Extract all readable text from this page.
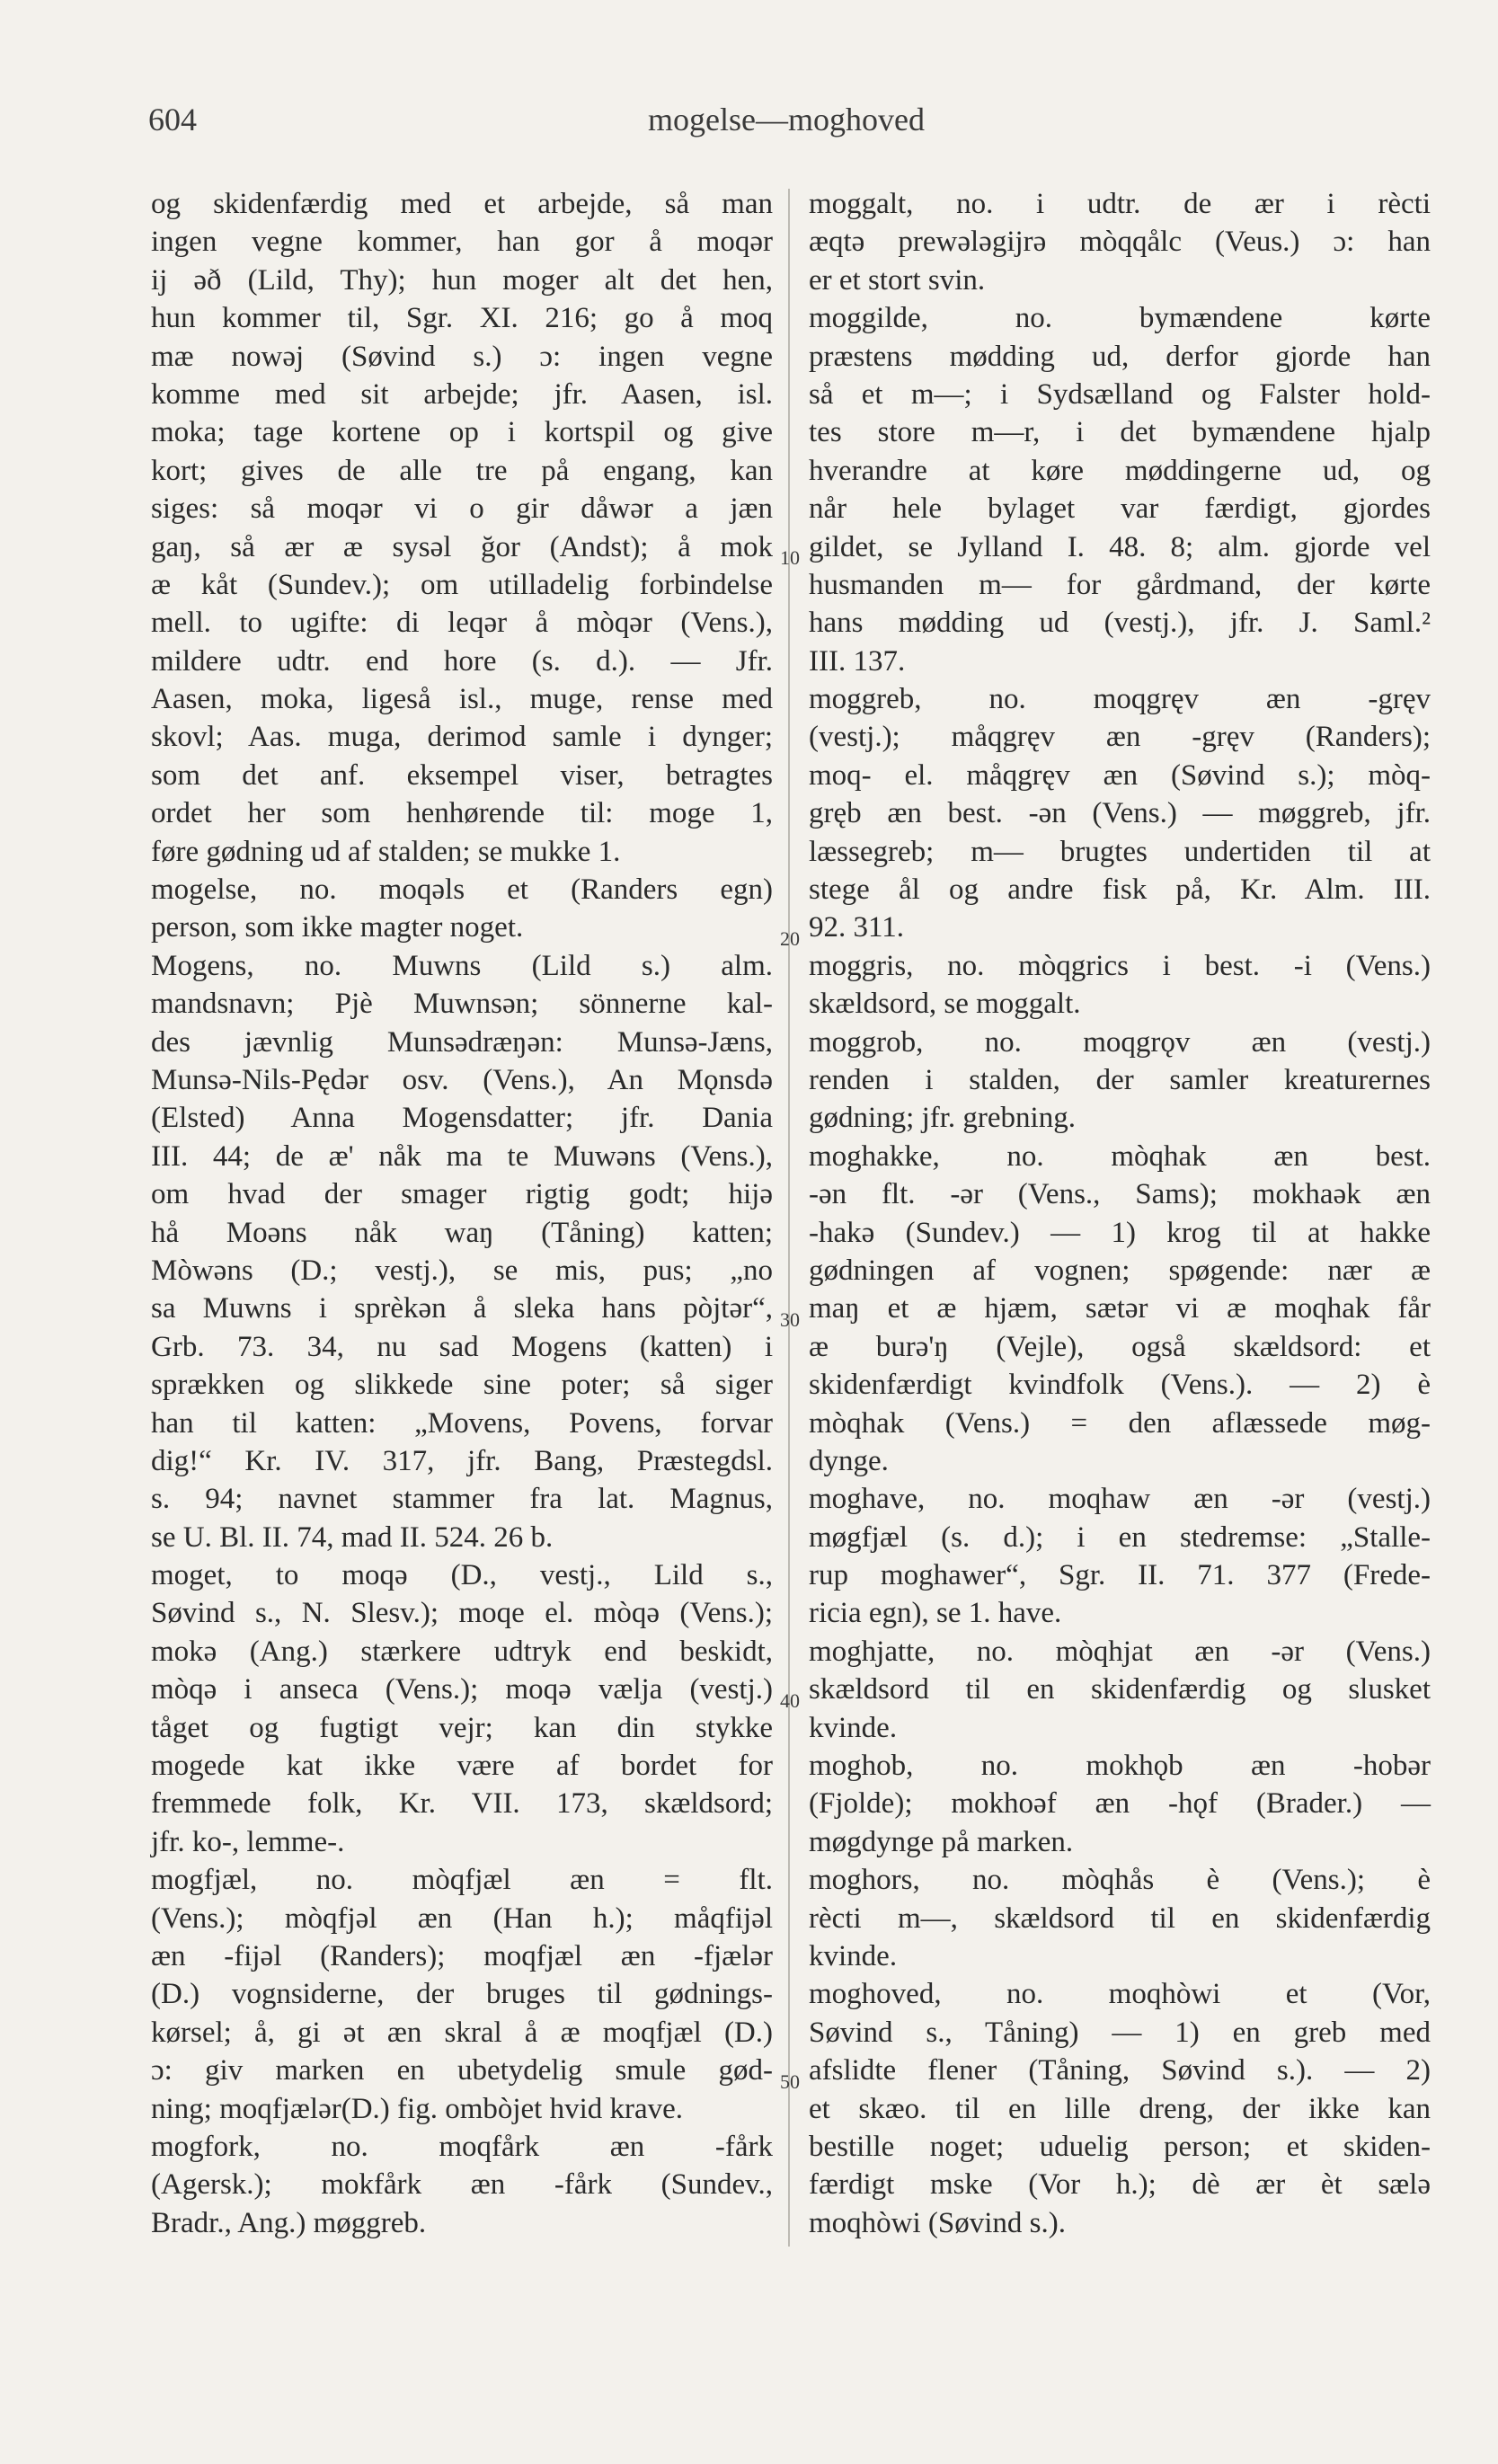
604	mogelse—moghoved
10
20
30
40
50
og skidenfærdig med et arbejde, så man
ingen vegne kommer, han gor å moqər
ij əð (Lild, Thy); hun moger alt det hen,
hun kommer til, Sgr. XI. 216; go å moq
mæ nowəj (Søvind s.) ɔ: ingen vegne
komme med sit arbejde; jfr. Aasen, isl.
moka; tage kortene op i kortspil og give
kort; gives de alle tre på engang, kan
siges: så moqər vi o gir dåwər a jæn
gaŋ, så ær æ sysəl ğor (Andst); å mok
æ kåt (Sundev.); om utilladelig forbindelse
mell. to ugifte: di leqər å mòqər (Vens.),
mildere udtr. end hore (s. d.). — Jfr.
Aasen, moka, ligeså isl., muge, rense med
skovl; Aas. muga, derimod samle i dynger;
som det anf. eksempel viser, betragtes
ordet her som henhørende til: moge 1,
føre gødning ud af stalden; se mukke 1.
mogelse, no. moqəls et (Randers egn)
person, som ikke magter noget.
Mogens, no. Muwns (Lild s.) alm.
mandsnavn; Pjè Muwnsən; sönnerne kal-
des jævnlig Munsədræŋən: Munsə-Jæns,
Munsə-Nils-Pędər osv. (Vens.), An Mǫnsdə
(Elsted) Anna Mogensdatter; jfr. Dania
III. 44; de æ' nåk ma te Muwəns (Vens.),
om hvad der smager rigtig godt; hijə
hå Moəns nåk waŋ (Tåning) katten;
Mòwəns (D.; vestj.), se mis, pus; „no
sa Muwns i sprèkən å sleka hans pòjtər“,
Grb. 73. 34, nu sad Mogens (katten) i
sprækken og slikkede sine poter; så siger
han til katten: „Movens, Povens, forvar
dig!“ Kr. IV. 317, jfr. Bang, Præstegdsl.
s. 94; navnet stammer fra lat. Magnus,
se U. Bl. II. 74, mad II. 524. 26 b.
moget, to moqə (D., vestj., Lild s.,
Søvind s., N. Slesv.); moqe el. mòqə (Vens.);
mokə (Ang.) stærkere udtryk end beskidt,
mòqə i anseca (Vens.); moqə vælja (vestj.)
tåget og fugtigt vejr; kan din stykke
mogede kat ikke være af bordet for
fremmede folk, Kr. VII. 173, skældsord;
jfr. ko-, lemme-.
mogfjæl, no. mòqfjæl æn = flt.
(Vens.); mòqfjəl æn (Han h.); måqfijəl
æn -fijəl (Randers); moqfjæl æn -fjælər
(D.) vognsiderne, der bruges til gødnings-
kørsel; å, gi ət æn skral å æ moqfjæl (D.)
ɔ: giv marken en ubetydelig smule gød-
ning; moqfjælər(D.) fig. ombòjet hvid krave.
mogfork, no. moqfårk æn -fårk
(Agersk.); mokfårk æn -fårk (Sundev.,
Bradr., Ang.) møggreb.
moggalt, no. i udtr. de ær i rècti
æqtə prewələgijrə mòqqålc (Veus.) ɔ: han
er et stort svin.
moggilde, no. bymændene kørte
præstens mødding ud, derfor gjorde han
så et m—; i Sydsælland og Falster hold-
tes store m—r, i det bymændene hjalp
hverandre at køre møddingerne ud, og
når hele bylaget var færdigt, gjordes
gildet, se Jylland I. 48. 8; alm. gjorde vel
husmanden m— for gårdmand, der kørte
hans mødding ud (vestj.), jfr. J. Saml.²
III. 137.
moggreb, no. moqgręv æn -gręv
(vestj.); måqgręv æn -gręv (Randers);
moq- el. måqgręv æn (Søvind s.); mòq-
gręb æn best. -ən (Vens.) — møggreb, jfr.
læssegreb; m— brugtes undertiden til at
stege ål og andre fisk på, Kr. Alm. III.
92. 311.
moggris, no. mòqgrics i best. -i (Vens.)
skældsord, se moggalt.
moggrob, no. moqgrǫv æn (vestj.)
renden i stalden, der samler kreaturernes
gødning; jfr. grebning.
moghakke, no. mòqhak æn best.
-ən flt. -ər (Vens., Sams); mokhaək æn
-hakə (Sundev.) — 1) krog til at hakke
gødningen af vognen; spøgende: nær æ
maŋ et æ hjæm, sætər vi æ moqhak får
æ burə'ŋ (Vejle), også skældsord: et
skidenfærdigt kvindfolk (Vens.). — 2) è
mòqhak (Vens.) = den aflæssede møg-
dynge.
moghave, no. moqhaw æn -ər (vestj.)
møgfjæl (s. d.); i en stedremse: „Stalle-
rup moghawer“, Sgr. II. 71. 377 (Frede-
ricia egn), se 1. have.
moghjatte, no. mòqhjat æn -ər (Vens.)
skældsord til en skidenfærdig og slusket
kvinde.
moghob, no. mokhǫb æn -hobər
(Fjolde); mokhoəf æn -hǫf (Brader.) —
møgdynge på marken.
moghors, no. mòqhås è (Vens.); è
rècti m—, skældsord til en skidenfærdig
kvinde.
moghoved, no. moqhòwi et (Vor,
Søvind s., Tåning) — 1) en greb med
afslidte flener (Tåning, Søvind s.). — 2)
et skæo. til en lille dreng, der ikke kan
bestille noget; uduelig person; et skiden-
færdigt mske (Vor h.); dè ær èt sælə
moqhòwi (Søvind s.).
